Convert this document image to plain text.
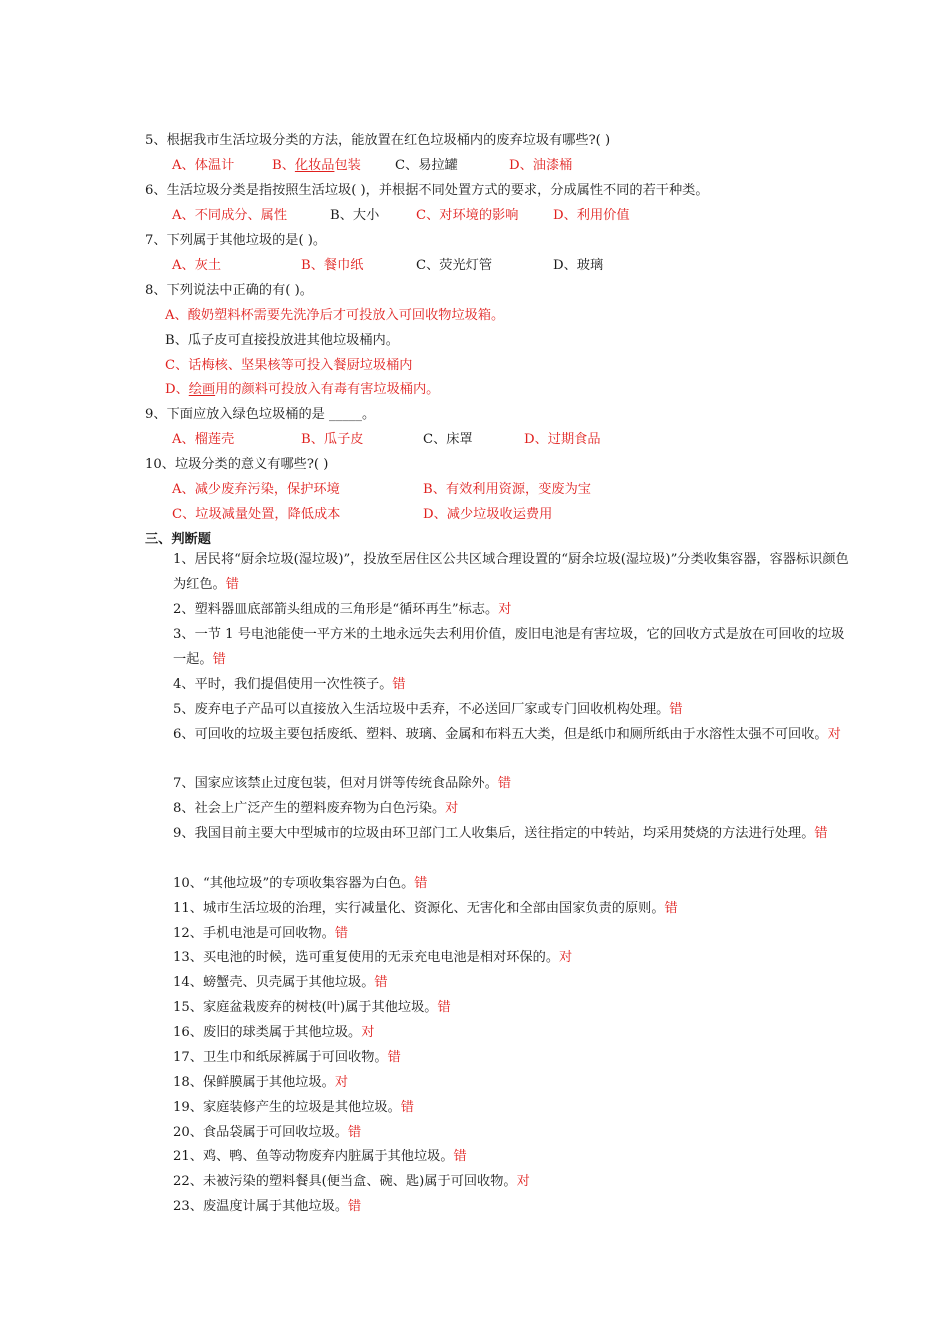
5、根据我市生活垃圾分类的方法，能放置在红色垃圾桶内的废弃垃圾有哪些?( )
A、体温计	B、化妆品包装	C、易拉罐	D、油漆桶
6、生活垃圾分类是指按照生活垃圾( )，并根据不同处置方式的要求，分成属性不同的若干种类。
A、不同成分、属性	B、大小	C、对环境的影响	D、利用价值
7、下列属于其他垃圾的是( )。
A、灰土	B、餐巾纸	C、荧光灯管	D、玻璃
8、下列说法中正确的有( )。
A、酸奶塑料杯需要先洗净后才可投放入可回收物垃圾箱。
B、瓜子皮可直接投放进其他垃圾桶内。
C、话梅核、坚果核等可投入餐厨垃圾桶内
D、绘画用的颜料可投放入有毒有害垃圾桶内。
9、下面应放入绿色垃圾桶的是 _____。
A、榴莲壳	B、瓜子皮	C、床罩	D、过期食品
10、垃圾分类的意义有哪些?( )
A、减少废弃污染，保护环境	B、有效利用资源，变废为宝
C、垃圾减量处置，降低成本	D、减少垃圾收运费用
三、判断题
1、居民将“厨余垃圾(湿垃圾)”，投放至居住区公共区域合理设置的“厨余垃圾(湿垃圾)”分类收集容器，容器标识颜色为红色。错
2、塑料器皿底部箭头组成的三角形是“循环再生”标志。对
3、一节 1 号电池能使一平方米的土地永远失去利用价值，废旧电池是有害垃圾，它的回收方式是放在可回收的垃圾一起。错
4、平时，我们提倡使用一次性筷子。错
5、废弃电子产品可以直接放入生活垃圾中丢弃，不必送回厂家或专门回收机构处理。错
6、可回收的垃圾主要包括废纸、塑料、玻璃、金属和布料五大类，但是纸巾和厕所纸由于水溶性太强不可回收。对
7、国家应该禁止过度包装，但对月饼等传统食品除外。错
8、社会上广泛产生的塑料废弃物为白色污染。对
9、我国目前主要大中型城市的垃圾由环卫部门工人收集后，送往指定的中转站，均采用焚烧的方法进行处理。错
10、“其他垃圾”的专项收集容器为白色。错
11、城市生活垃圾的治理，实行减量化、资源化、无害化和全部由国家负责的原则。错
12、手机电池是可回收物。错
13、买电池的时候，选可重复使用的无汞充电电池是相对环保的。对
14、螃蟹壳、贝壳属于其他垃圾。错
15、家庭盆栽废弃的树枝(叶)属于其他垃圾。错
16、废旧的球类属于其他垃圾。对
17、卫生巾和纸尿裤属于可回收物。错
18、保鲜膜属于其他垃圾。对
19、家庭装修产生的垃圾是其他垃圾。错
20、食品袋属于可回收垃圾。错
21、鸡、鸭、鱼等动物废弃内脏属于其他垃圾。错
22、未被污染的塑料餐具(便当盒、碗、匙)属于可回收物。对
23、废温度计属于其他垃圾。错
